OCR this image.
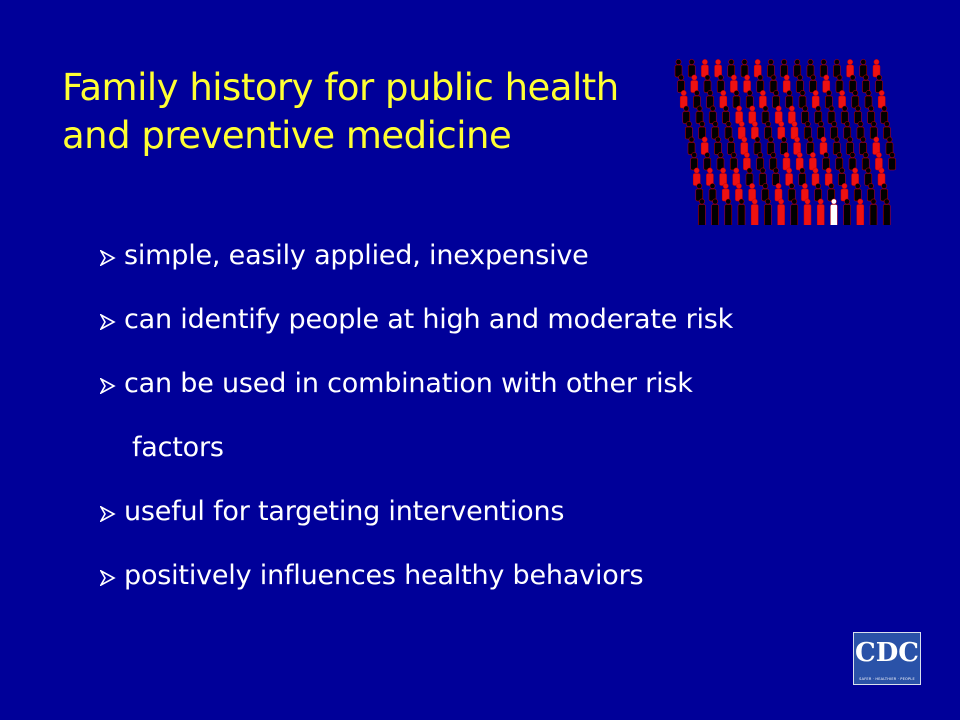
Family history for public health
and preventive medicine
simple, easily applied, inexpensive
can identify people at high and moderate risk
can be used in combination with other risk
factors
useful for targeting interventions
positively influences healthy behaviors
CDC
SAFER · HEALTHIER · PEOPLE
